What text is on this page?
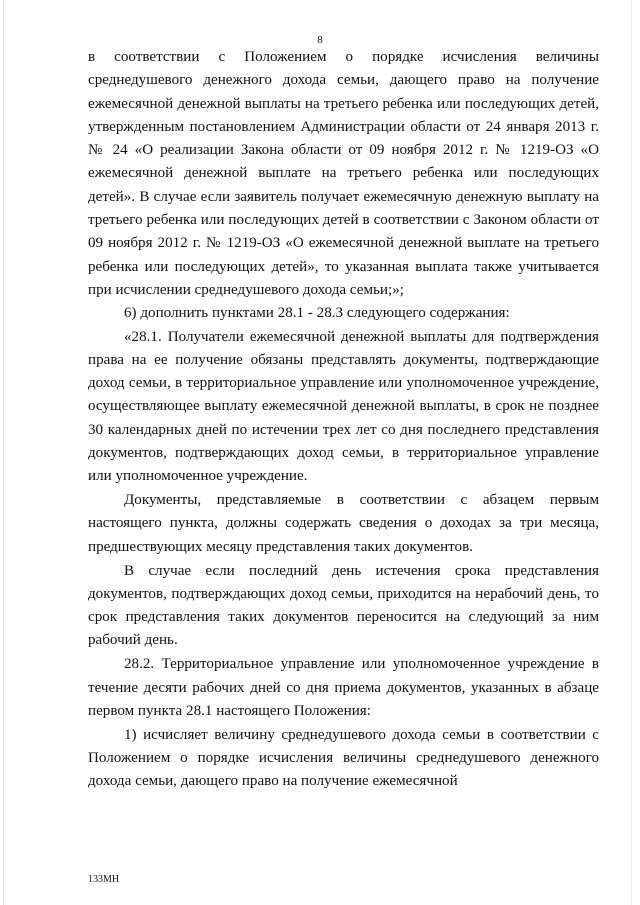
8

в соответствии с Положением о порядке исчисления величины среднедушевого денежного дохода семьи, дающего право на получение ежемесячной денежной выплаты на третьего ребенка или последующих детей, утвержденным постановлением Администрации области от 24 января 2013 г. № 24 «О реализации Закона области от 09 ноября 2012 г. № 1219-ОЗ «О ежемесячной денежной выплате на третьего ребенка или последующих детей». В случае если заявитель получает ежемесячную денежную выплату на третьего ребенка или последующих детей в соответствии с Законом области от 09 ноября 2012 г. № 1219-ОЗ «О ежемесячной денежной выплате на третьего ребенка или последующих детей», то указанная выплата также учитывается при исчислении среднедушевого дохода семьи;»;

6) дополнить пунктами 28.1 - 28.3 следующего содержания:

«28.1. Получатели ежемесячной денежной выплаты для подтверждения права на ее получение обязаны представлять документы, подтверждающие доход семьи, в территориальное управление или уполномоченное учреждение, осуществляющее выплату ежемесячной денежной выплаты, в срок не позднее 30 календарных дней по истечении трех лет со дня последнего представления документов, подтверждающих доход семьи, в территориальное управление или уполномоченное учреждение.

Документы, представляемые в соответствии с абзацем первым настоящего пункта, должны содержать сведения о доходах за три месяца, предшествующих месяцу представления таких документов.

В случае если последний день истечения срока представления документов, подтверждающих доход семьи, приходится на нерабочий день, то срок представления таких документов переносится на следующий за ним рабочий день.

28.2. Территориальное управление или уполномоченное учреждение в течение десяти рабочих дней со дня приема документов, указанных в абзаце первом пункта 28.1 настоящего Положения:

1) исчисляет величину среднедушевого дохода семьи в соответствии с Положением о порядке исчисления величины среднедушевого денежного дохода семьи, дающего право на получение ежемесячной

133МН
